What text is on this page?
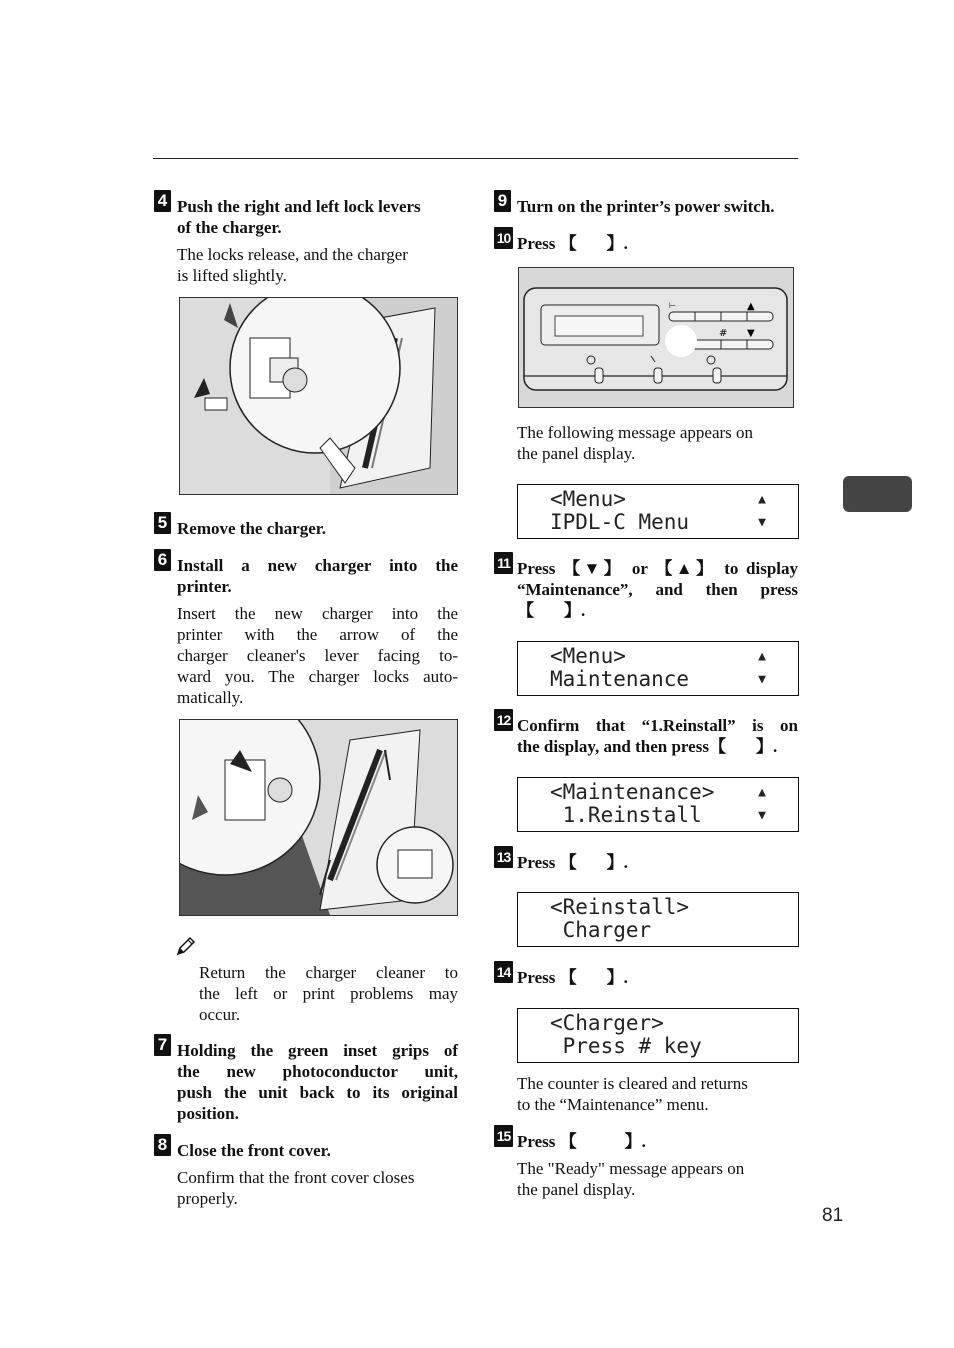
81
4 Push the right and left lock levers
of the charger.
The locks release, and the charger
is lifted slightly.
5 Remove the charger.
6 Install a new charger into the
printer.
Insert the new charger into the
printer with the arrow of the
charger cleaner's lever facing to-
ward you. The charger locks auto-
matically.
Return the charger cleaner to
the left or print problems may
occur.
7 Holding the green inset grips of
the new photoconductor unit,
push the unit back to its original
position.
8 Close the front cover.
Confirm that the front cover closes
properly.
9 Turn on the printer’s power switch.
10 Press 【 】.
⊢
#
▲
▼
The following message appears on
the panel display.
<Menu>	▲
IPDL-C Menu	▼
11 Press 【▼】 or 【▲】 to display
“Maintenance”, and then press
【 】.
<Menu>	▲
Maintenance	▼
12 Confirm that “1.Reinstall” is on
the display, and then press【 】.
<Maintenance>	▲
1.Reinstall	▼
13 Press 【 】.
<Reinstall>
Charger
14 Press 【 】.
<Charger>
Press # key
The counter is cleared and returns
to the “Maintenance” menu.
15 Press 【	】.
The "Ready" message appears on
the panel display.
